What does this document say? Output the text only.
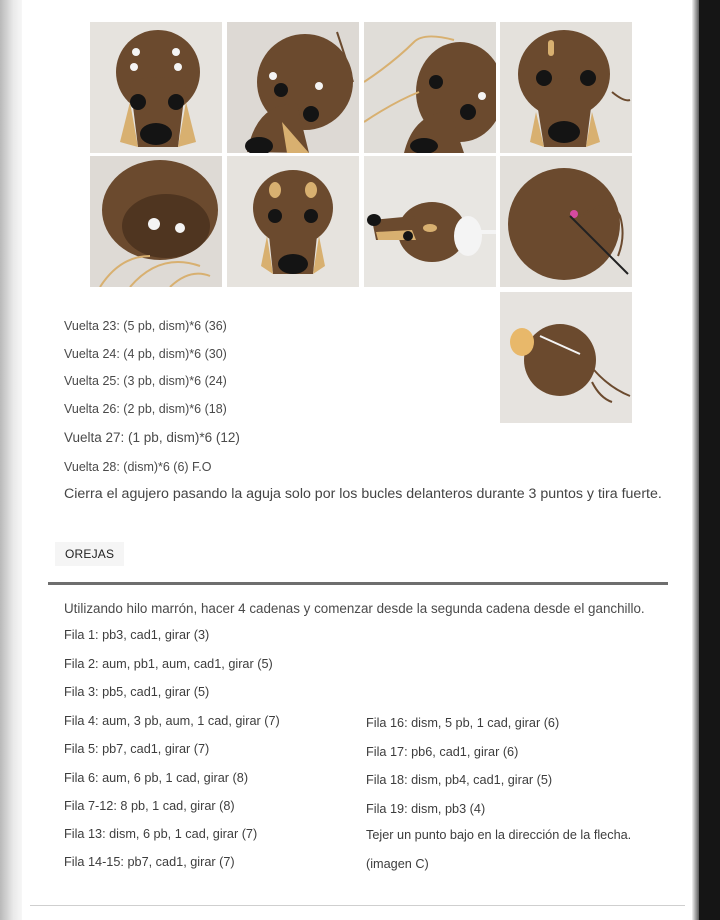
Vuelta 23: (5 pb, dism)*6 (36)
Vuelta 24: (4 pb, dism)*6 (30)
Vuelta 25: (3 pb, dism)*6 (24)
Vuelta 26: (2 pb, dism)*6 (18)
Vuelta 27: (1 pb, dism)*6 (12)
Vuelta 28: (dism)*6 (6) F.O
Cierra el agujero pasando la aguja solo por los bucles delanteros durante 3 puntos y tira fuerte.
OREJAS
Utilizando hilo marrón, hacer 4 cadenas y comenzar desde la segunda cadena desde el ganchillo.
Fila 1: pb3, cad1, girar (3)
Fila 2: aum, pb1, aum, cad1, girar (5)
Fila 3: pb5, cad1, girar (5)
Fila 4: aum, 3 pb, aum, 1 cad, girar (7)
Fila 5: pb7, cad1, girar (7)
Fila 6: aum, 6 pb, 1 cad, girar (8)
Fila 7-12: 8 pb, 1 cad, girar (8)
Fila 13: dism, 6 pb, 1 cad, girar (7)
Fila 14-15: pb7, cad1, girar (7)
Fila 16: dism, 5 pb, 1 cad, girar (6)
Fila 17: pb6, cad1, girar (6)
Fila 18: dism, pb4, cad1, girar (5)
Fila 19: dism, pb3 (4)
Tejer un punto bajo en la dirección de la flecha.
(imagen C)
